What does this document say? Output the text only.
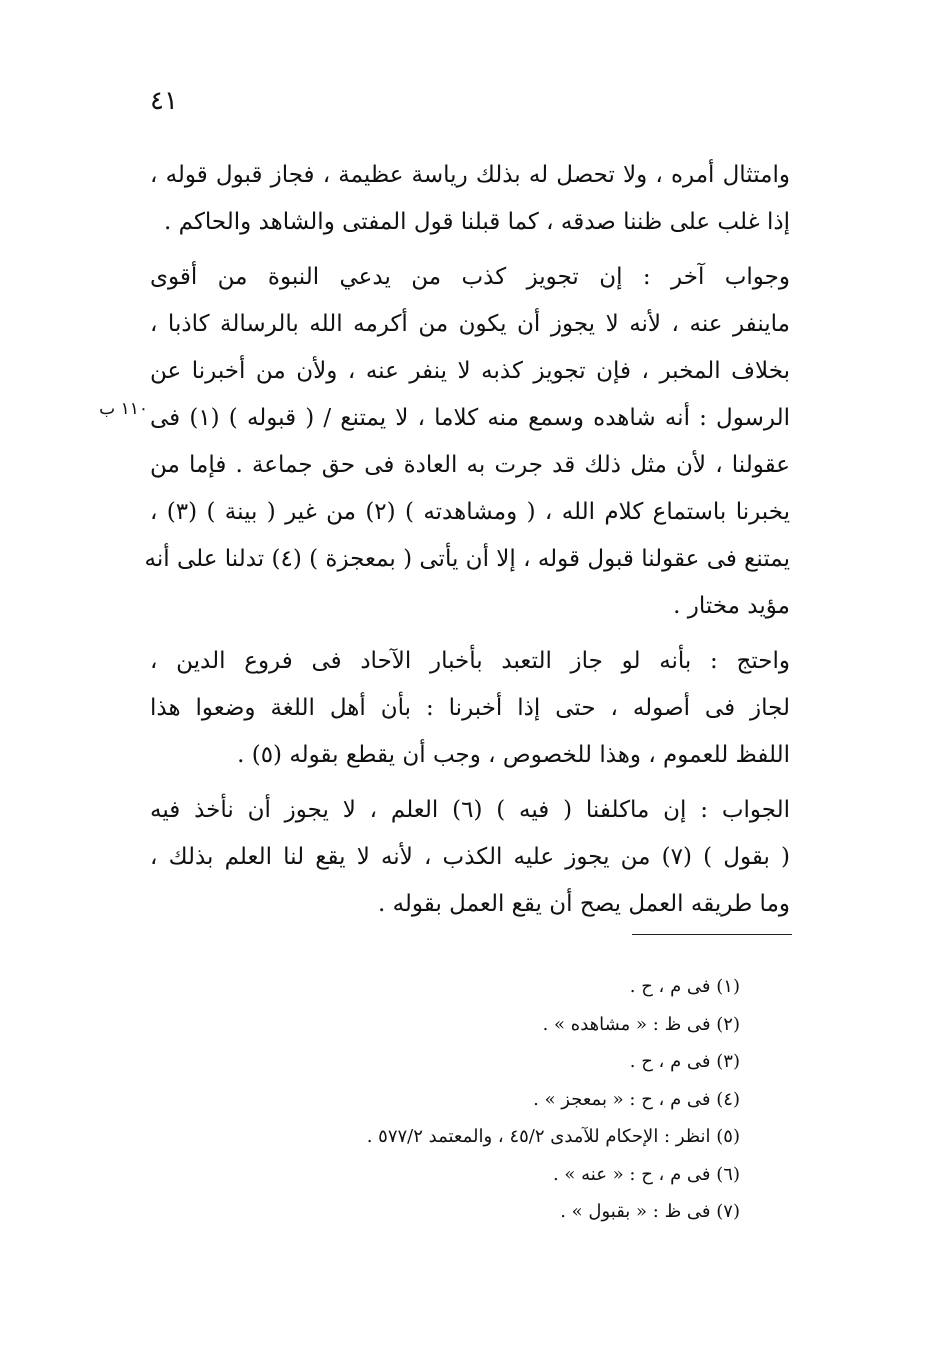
٤١
١١٠ ب
وامتثال أمره ، ولا تحصل له بذلك رياسة عظيمة ، فجاز قبول قوله ،
إذا غلب على ظننا صدقه ، كما قبلنا قول المفتى والشاهد والحاكم .
وجواب آخر : إن تجويز كذب من يدعي النبوة من أقوى
ماينفر عنه ، لأنه لا يجوز أن يكون من أكرمه الله بالرسالة كاذبا ،
بخلاف المخبر ، فإن تجويز كذبه لا ينفر عنه ، ولأن من أخبرنا عن
الرسول : أنه شاهده وسمع منه كلاما ، لا يمتنع / ( قبوله ) (١) فى
عقولنا ، لأن مثل ذلك قد جرت به العادة فى حق جماعة . فإما من
يخبرنا باستماع كلام الله ، ( ومشاهدته ) (٢) من غير ( بينة ) (٣) ،
يمتنع فى عقولنا قبول قوله ، إلا أن يأتى ( بمعجزة ) (٤) تدلنا على أنه
مؤيد مختار .
واحتج : بأنه لو جاز التعبد بأخبار الآحاد فى فروع الدين ،
لجاز فى أصوله ، حتى إذا أخبرنا : بأن أهل اللغة وضعوا هذا
اللفظ للعموم ، وهذا للخصوص ، وجب أن يقطع بقوله (٥) .
الجواب : إن ماكلفنا ( فيه ) (٦) العلم ، لا يجوز أن نأخذ فيه
( بقول ) (٧) من يجوز عليه الكذب ، لأنه لا يقع لنا العلم بذلك ،
وما طريقه العمل يصح أن يقع العمل بقوله .
(١) فى م ، ح .
(٢) فى ظ : « مشاهده » .
(٣) فى م ، ح .
(٤) فى م ، ح : « بمعجز » .
(٥) انظر : الإحكام للآمدى ٤٥/٢ ، والمعتمد ٥٧٧/٢ .
(٦) فى م ، ح : « عنه » .
(٧) فى ظ : « بقبول » .
